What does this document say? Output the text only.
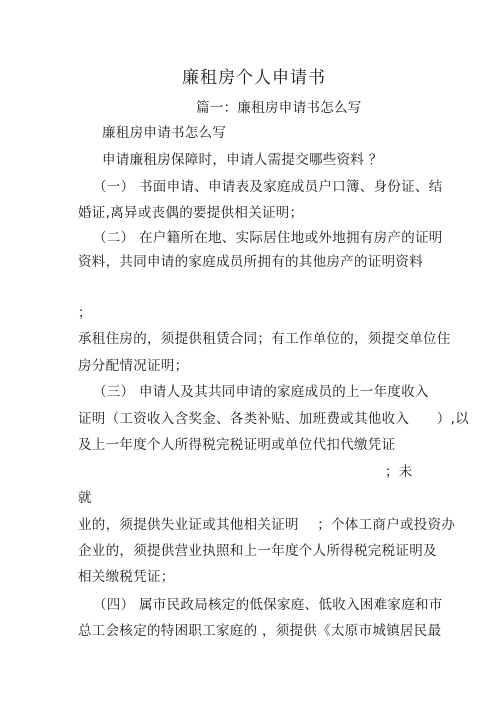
廉租房个人申请书
篇一：廉租房申请书怎么写
廉租房申请书怎么写
申请廉租房保障时，申请人需提交哪些资料 ？
（一） 书面申请、申请表及家庭成员户口簿、身份证、结
婚证,离异或丧偶的要提供相关证明；
（二） 在户籍所在地、实际居住地或外地拥有房产的证明
资料，共同申请的家庭成员所拥有的其他房产的证明资料
；
承租住房的，须提供租赁合同；有工作单位的，须提交单位住
房分配情况证明；
（三） 申请人及其共同申请的家庭成员的上一年度收入
证明（工资收入含奖金、各类补贴、加班费或其他收入　　）,以
及上一年度个人所得税完税证明或单位代扣代缴凭证
；未
就
业的，须提供失业证或其他相关证明　 ；个体工商户或投资办
企业的，须提供营业执照和上一年度个人所得税完税证明及
相关缴税凭证；
（四） 属市民政局核定的低保家庭、低收入困难家庭和市
总工会核定的特困职工家庭的 ，须提供《太原市城镇居民最
